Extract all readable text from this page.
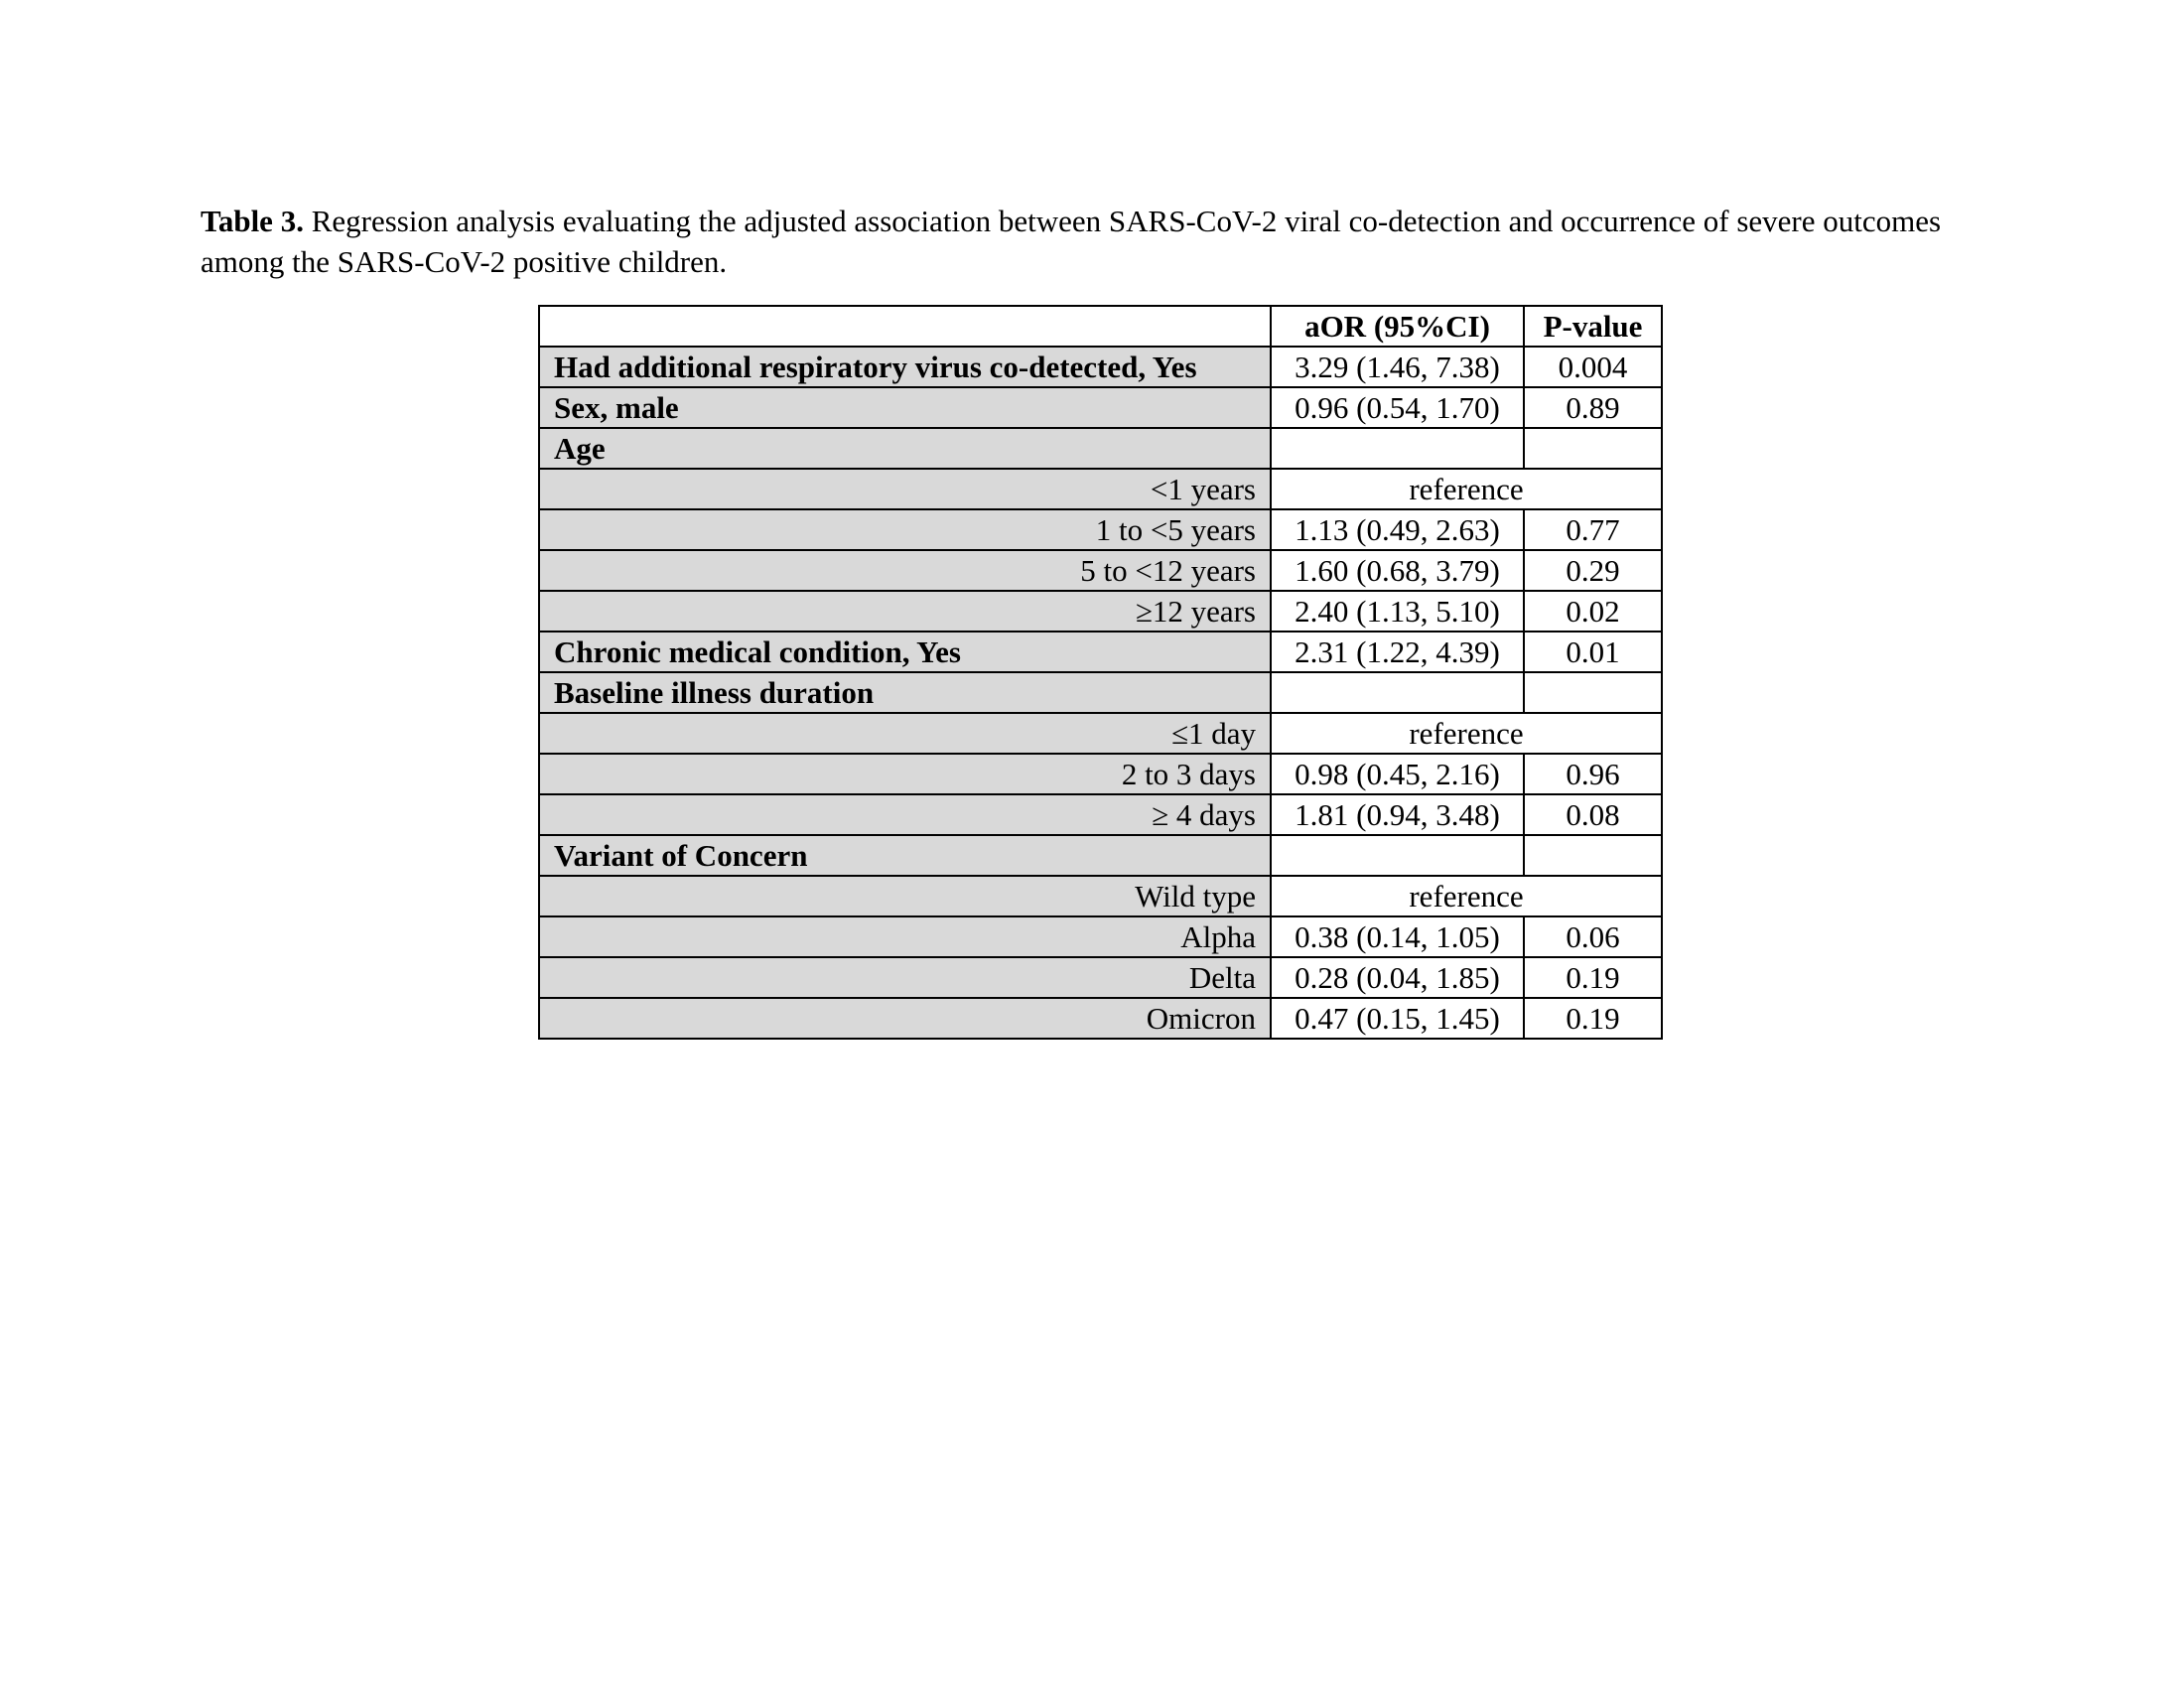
Table 3. Regression analysis evaluating the adjusted association between SARS-CoV-2 viral co-detection and occurrence of severe outcomes among the SARS-CoV-2 positive children.
	aOR (95%CI)	P-value
Had additional respiratory virus co-detected, Yes	3.29 (1.46, 7.38)	0.004
Sex, male	0.96 (0.54, 1.70)	0.89
Age		
<1 years	reference	
1 to <5 years	1.13 (0.49, 2.63)	0.77
5 to <12 years	1.60 (0.68, 3.79)	0.29
≥12 years	2.40 (1.13, 5.10)	0.02
Chronic medical condition, Yes	2.31 (1.22, 4.39)	0.01
Baseline illness duration		
≤1 day	reference	
2 to 3 days	0.98 (0.45, 2.16)	0.96
≥ 4 days	1.81 (0.94, 3.48)	0.08
Variant of Concern		
Wild type	reference	
Alpha	0.38 (0.14, 1.05)	0.06
Delta	0.28 (0.04, 1.85)	0.19
Omicron	0.47 (0.15, 1.45)	0.19
